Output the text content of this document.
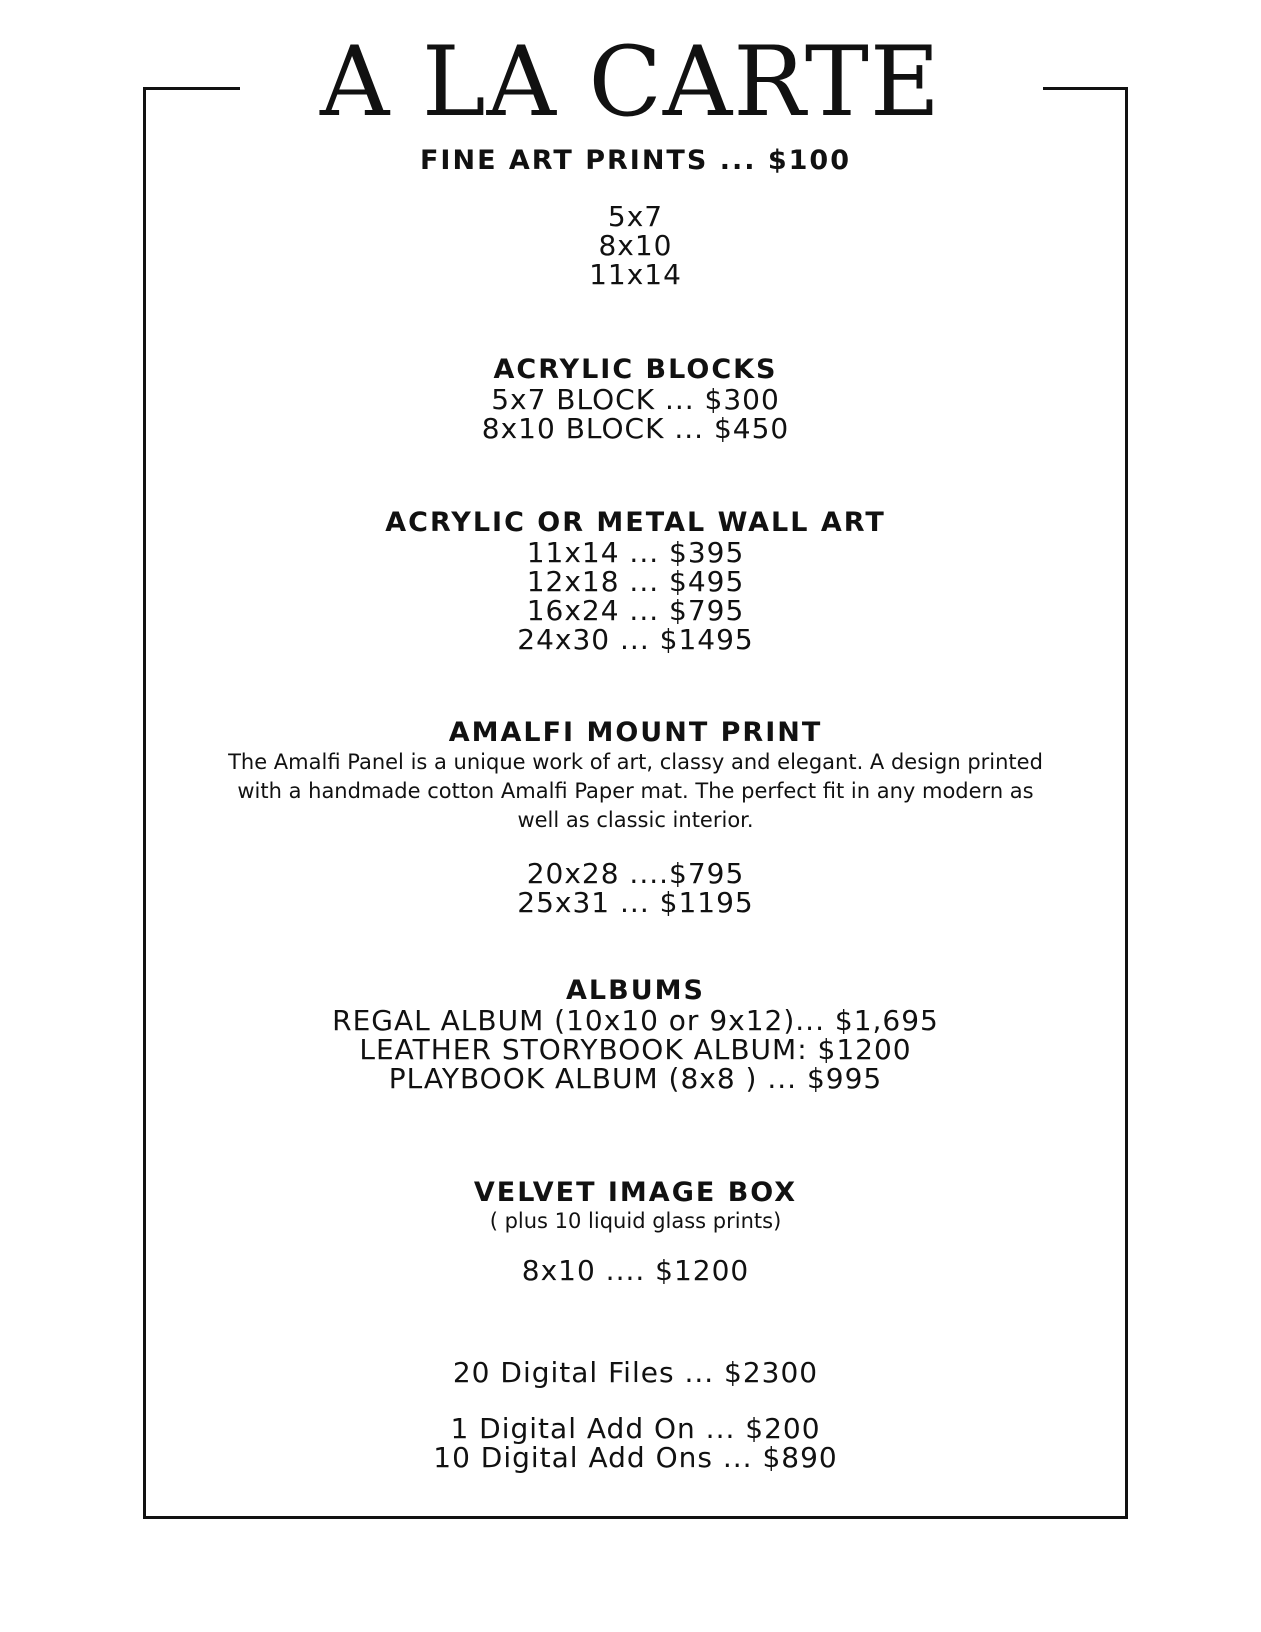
A LA CARTE

FINE ART PRINTS ... $100

5x7

8x10

11x14

ACRYLIC BLOCKS

5x7 BLOCK ... $300

8x10 BLOCK ... $450

ACRYLIC OR METAL WALL ART

11x14 ... $395

12x18 ... $495

16x24 ... $795

24x30 ... $1495

AMALFI MOUNT PRINT

The Amalfi Panel is a unique work of art, classy and elegant. A design printed with a handmade cotton Amalfi Paper mat. The perfect fit in any modern as well as classic interior.

20x28 ....$795

25x31 ... $1195

ALBUMS

REGAL ALBUM (10x10 or 9x12)... $1,695

LEATHER STORYBOOK ALBUM: $1200

PLAYBOOK ALBUM (8x8 ) ... $995

VELVET IMAGE BOX

( plus 10 liquid glass prints)

8x10 .... $1200

20 Digital Files ... $2300

1 Digital Add On ... $200

10 Digital Add Ons ... $890
